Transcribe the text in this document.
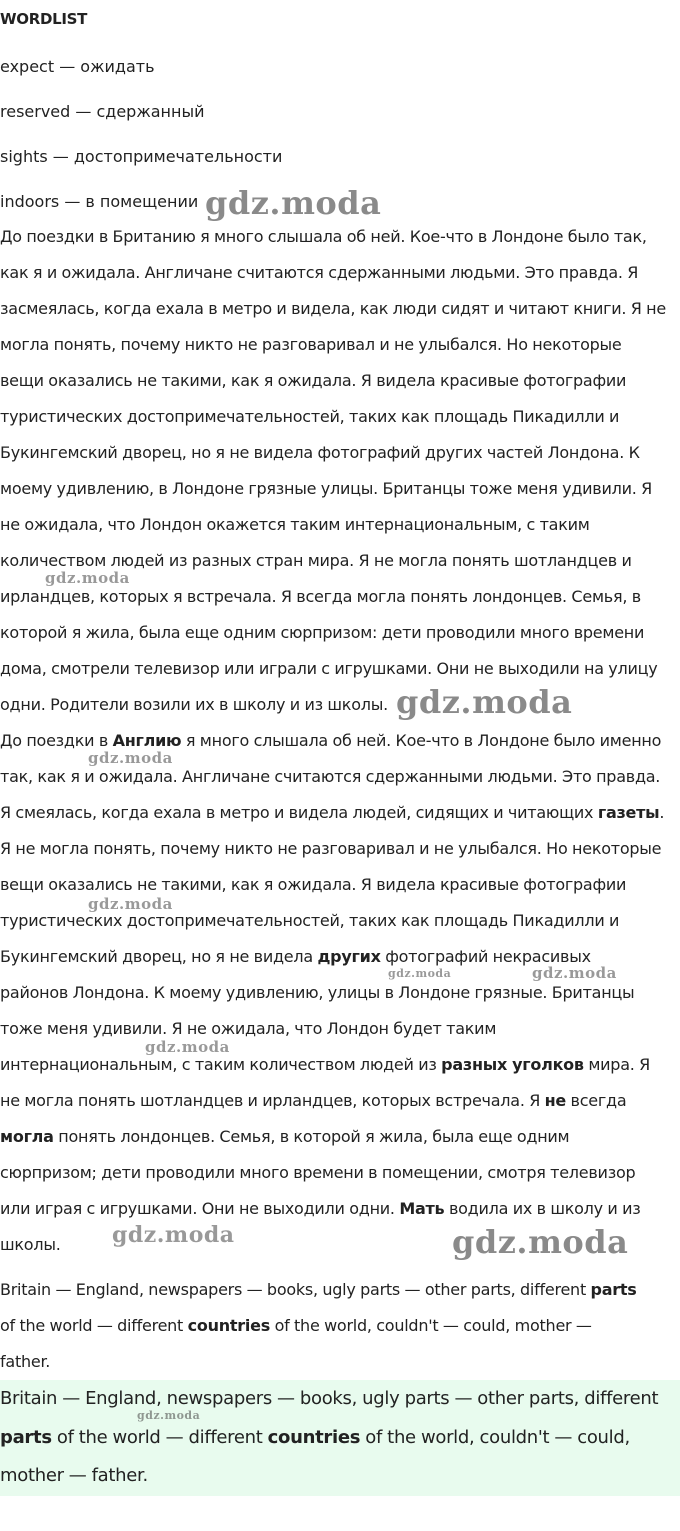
WORDLIST

expect — ожидать

reserved — сдержанный

sights — достопримечательности

indoors — в помещении

До поездки в Британию я много слышала об ней. Кое-что в Лондоне было так,
как я и ожидала. Англичане считаются сдержанными людьми. Это правда. Я
засмеялась, когда ехала в метро и видела, как люди сидят и читают книги. Я не
могла понять, почему никто не разговаривал и не улыбался. Но некоторые
вещи оказались не такими, как я ожидала. Я видела красивые фотографии
туристических достопримечательностей, таких как площадь Пикадилли и
Букингемский дворец, но я не видела фотографий других частей Лондона. К
моему удивлению, в Лондоне грязные улицы. Британцы тоже меня удивили. Я
не ожидала, что Лондон окажется таким интернациональным, с таким
количеством людей из разных стран мира. Я не могла понять шотландцев и
ирландцев, которых я встречала. Я всегда могла понять лондонцев. Семья, в
которой я жила, была еще одним сюрпризом: дети проводили много времени
дома, смотрели телевизор или играли с игрушками. Они не выходили на улицу
одни. Родители возили их в школу и из школы.
До поездки в Англию я много слышала об ней. Кое-что в Лондоне было именно
так, как я и ожидала. Англичане считаются сдержанными людьми. Это правда.
Я смеялась, когда ехала в метро и видела людей, сидящих и читающих газеты.
Я не могла понять, почему никто не разговаривал и не улыбался. Но некоторые
вещи оказались не такими, как я ожидала. Я видела красивые фотографии
туристических достопримечательностей, таких как площадь Пикадилли и
Букингемский дворец, но я не видела других фотографий некрасивых
районов Лондона. К моему удивлению, улицы в Лондоне грязные. Британцы
тоже меня удивили. Я не ожидала, что Лондон будет таким
интернациональным, с таким количеством людей из разных уголков мира. Я
не могла понять шотландцев и ирландцев, которых встречала. Я не всегда
могла понять лондонцев. Семья, в которой я жила, была еще одним
сюрпризом; дети проводили много времени в помещении, смотря телевизор
или играя с игрушками. Они не выходили одни. Мать водила их в школу и из
школы.
Britain — England, newspapers — books, ugly parts — other parts, different parts
of the world — different countries of the world, couldn't — could, mother —
father.
Britain — England, newspapers — books, ugly parts — other parts, different
parts of the world — different countries of the world, couldn't — could,
mother — father.
gdz.moda
gdz.moda
gdz.moda
gdz.moda
gdz.moda
gdz.moda	gdz.moda
gdz.moda
gdz.moda	gdz.moda
gdz.moda
